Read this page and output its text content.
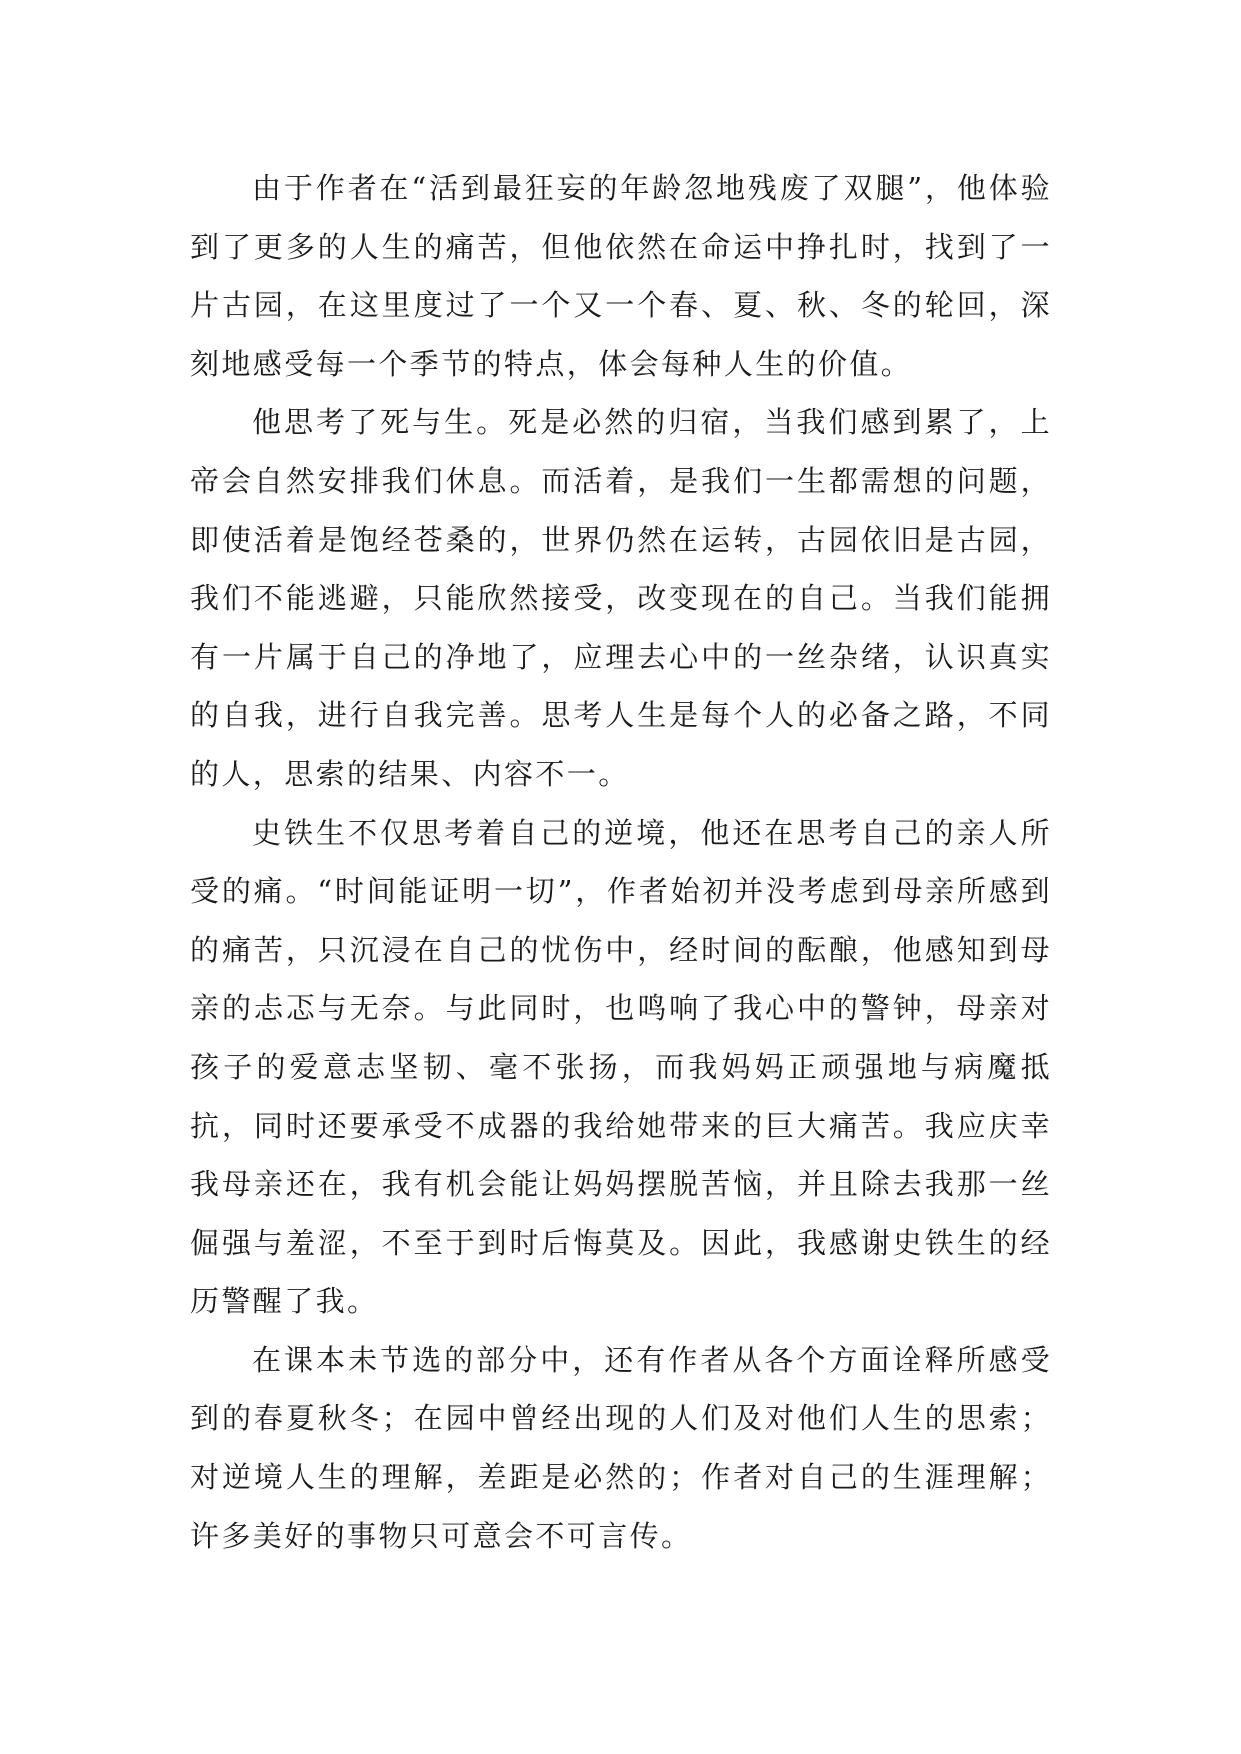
由于作者在“活到最狂妄的年龄忽地残废了双腿”，他体验到了更多的人生的痛苦，但他依然在命运中挣扎时，找到了一片古园，在这里度过了一个又一个春、夏、秋、冬的轮回，深刻地感受每一个季节的特点，体会每种人生的价值。

他思考了死与生。死是必然的归宿，当我们感到累了，上帝会自然安排我们休息。而活着，是我们一生都需想的问题，即使活着是饱经苍桑的，世界仍然在运转，古园依旧是古园，我们不能逃避，只能欣然接受，改变现在的自己。当我们能拥有一片属于自己的净地了，应理去心中的一丝杂绪，认识真实的自我，进行自我完善。思考人生是每个人的必备之路，不同的人，思索的结果、内容不一。

史铁生不仅思考着自己的逆境，他还在思考自己的亲人所受的痛。“时间能证明一切”，作者始初并没考虑到母亲所感到的痛苦，只沉浸在自己的忧伤中，经时间的酝酿，他感知到母亲的忐忑与无奈。与此同时，也鸣响了我心中的警钟，母亲对孩子的爱意志坚韧、毫不张扬，而我妈妈正顽强地与病魔抵抗，同时还要承受不成器的我给她带来的巨大痛苦。我应庆幸我母亲还在，我有机会能让妈妈摆脱苦恼，并且除去我那一丝倔强与羞涩，不至于到时后悔莫及。因此，我感谢史铁生的经历警醒了我。

在课本未节选的部分中，还有作者从各个方面诠释所感受到的春夏秋冬；在园中曾经出现的人们及对他们人生的思索；对逆境人生的理解，差距是必然的；作者对自己的生涯理解；许多美好的事物只可意会不可言传。
